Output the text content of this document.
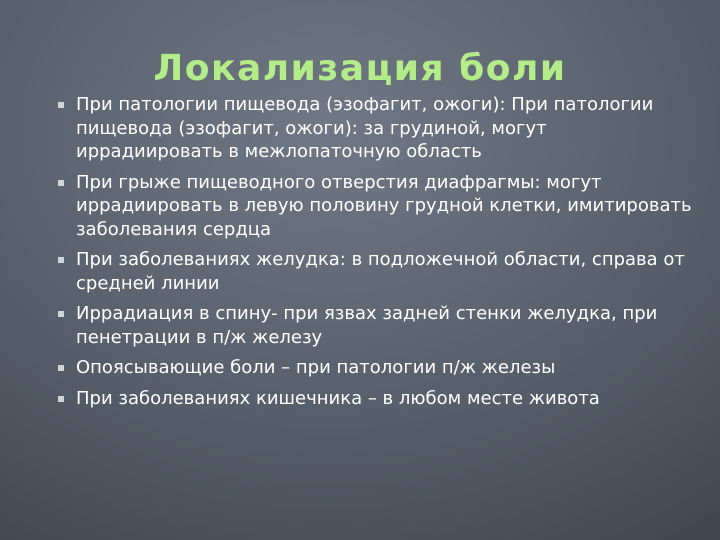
Локализация боли
При патологии пищевода (эзофагит, ожоги): При патологии пищевода (эзофагит, ожоги): за грудиной, могут иррадиировать в межлопаточную область
При грыже пищеводного отверстия диафрагмы: могут иррадиировать в левую половину грудной клетки, имитировать заболевания сердца
При заболеваниях желудка: в подложечной области, справа от средней линии
Иррадиация в спину- при язвах задней стенки желудка, при пенетрации в п/ж железу
Опоясывающие боли – при патологии п/ж железы
При заболеваниях кишечника – в любом месте живота
